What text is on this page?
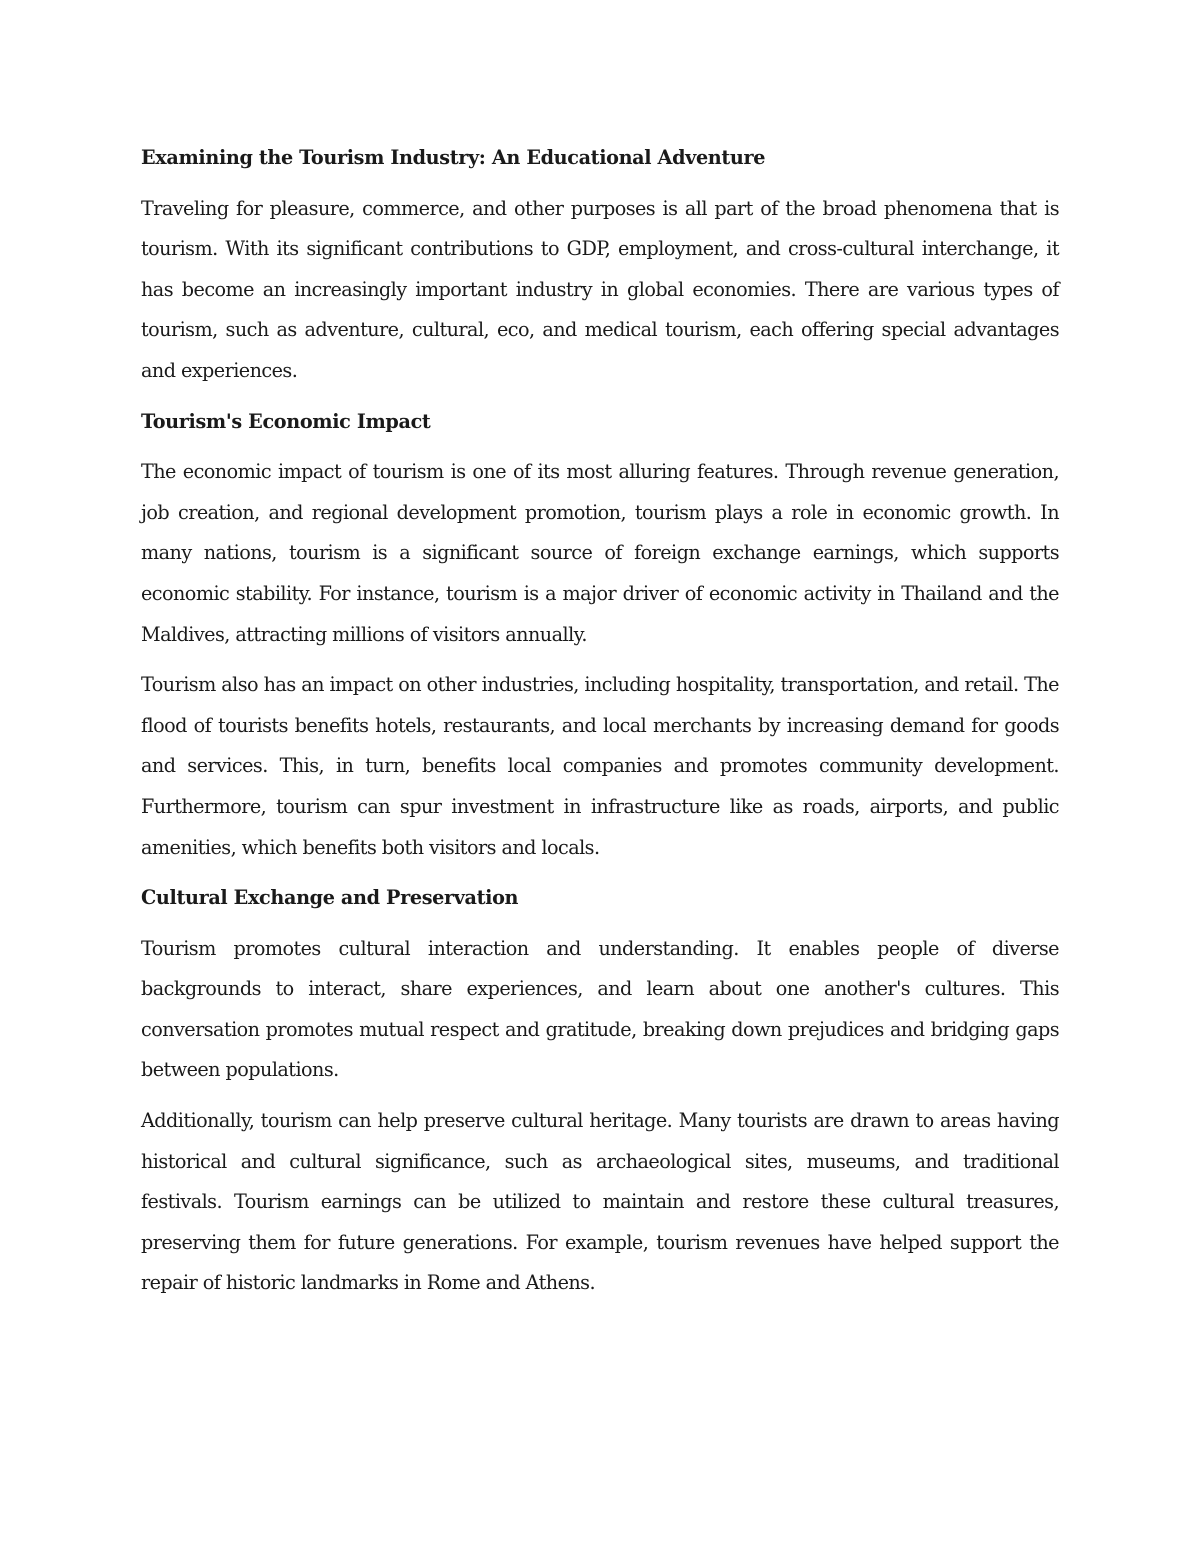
Examining the Tourism Industry: An Educational Adventure

Traveling for pleasure, commerce, and other purposes is all part of the broad phenomena that is tourism. With its significant contributions to GDP, employment, and cross-cultural interchange, it has become an increasingly important industry in global economies. There are various types of tourism, such as adventure, cultural, eco, and medical tourism, each offering special advantages and experiences.

Tourism's Economic Impact

The economic impact of tourism is one of its most alluring features. Through revenue generation, job creation, and regional development promotion, tourism plays a role in economic growth. In many nations, tourism is a significant source of foreign exchange earnings, which supports economic stability. For instance, tourism is a major driver of economic activity in Thailand and the Maldives, attracting millions of visitors annually.

Tourism also has an impact on other industries, including hospitality, transportation, and retail. The flood of tourists benefits hotels, restaurants, and local merchants by increasing demand for goods and services. This, in turn, benefits local companies and promotes community development. Furthermore, tourism can spur investment in infrastructure like as roads, airports, and public amenities, which benefits both visitors and locals.

Cultural Exchange and Preservation

Tourism promotes cultural interaction and understanding. It enables people of diverse backgrounds to interact, share experiences, and learn about one another's cultures. This conversation promotes mutual respect and gratitude, breaking down prejudices and bridging gaps between populations.

Additionally, tourism can help preserve cultural heritage. Many tourists are drawn to areas having historical and cultural significance, such as archaeological sites, museums, and traditional festivals. Tourism earnings can be utilized to maintain and restore these cultural treasures, preserving them for future generations. For example, tourism revenues have helped support the repair of historic landmarks in Rome and Athens.
